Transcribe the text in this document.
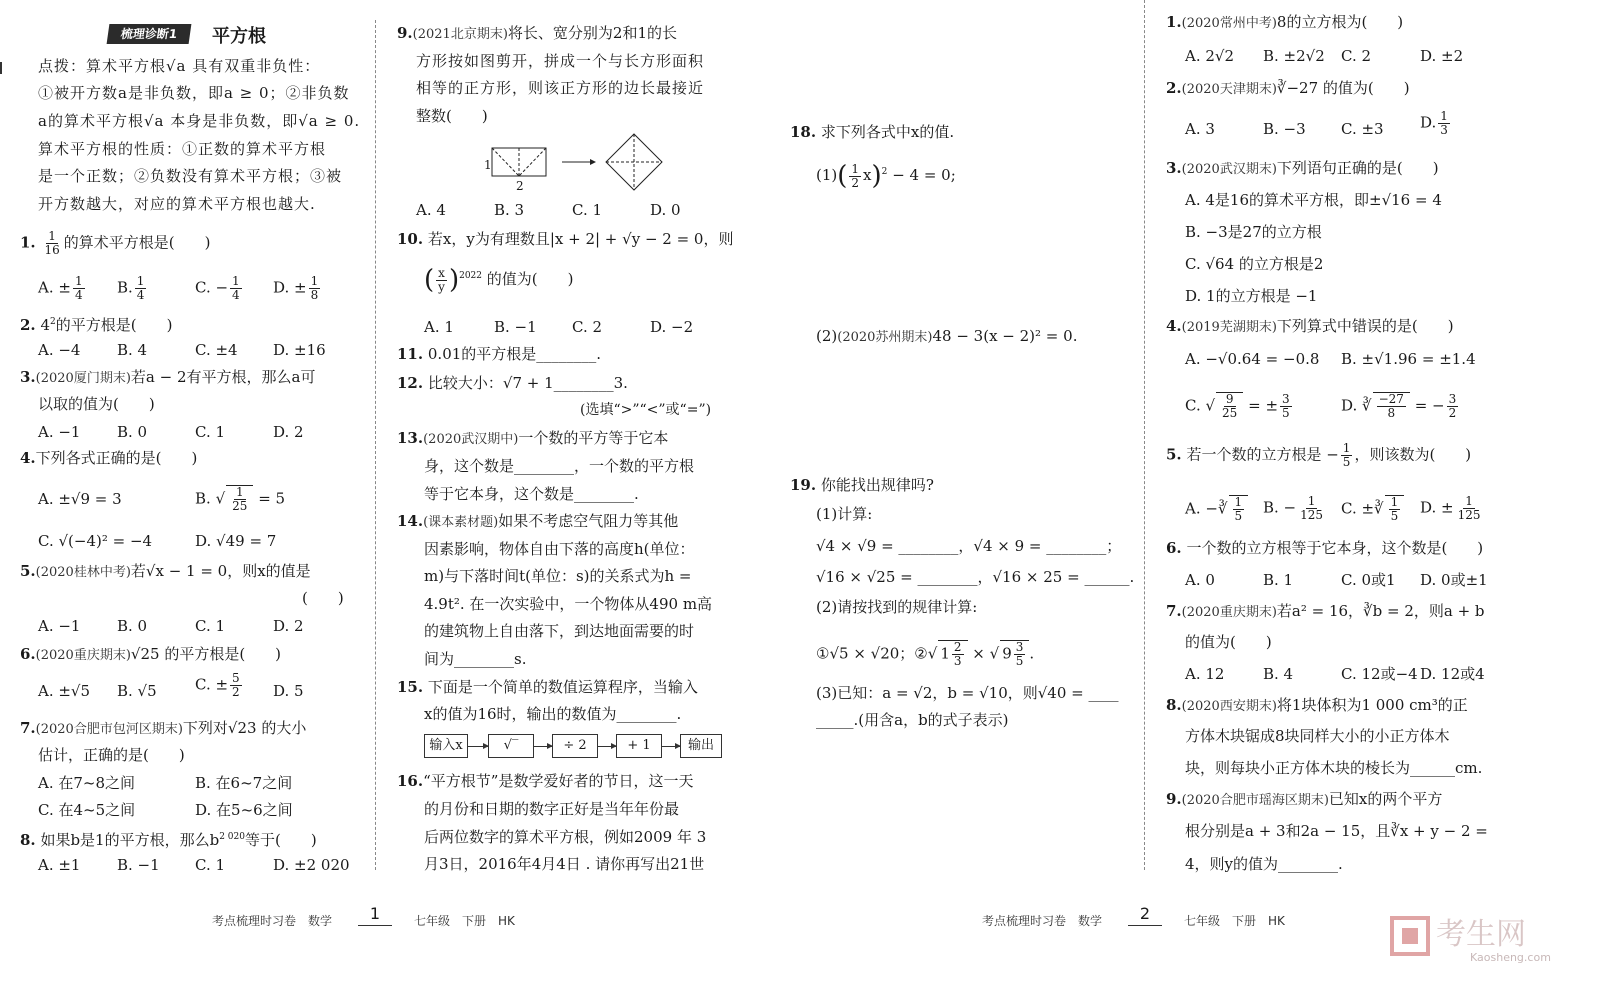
梳理诊断1	平方根
点拨：算术平方根√a 具有双重非负性：
①被开方数a是非负数，即a ≥ 0；②非负数
a的算术平方根√a 本身是非负数，即√a ≥ 0.
算术平方根的性质：①正数的算术平方根
是一个正数；②负数没有算术平方根；③被
开方数越大，对应的算术平方根也越大.
1. $\frac{1}{16}$ 的算术平方根是(　　)
A. ± $\frac{1}{4} B$. $\frac{1}{4}$	C. − $\frac{1}{4} D$. ± $\frac{1}{8}$
2. $4^2$的平方根是(　　)
A. −4 B. 4	C. ±4 D. ±16
3.(2020厦门期末)若a − 2有平方根，那么a可
以取的值为(　　)
A. −1 B. 0	C. 1	D. 2
4.下列各式正确的是(　　)
A. ±√9 = 3	B. √ $\frac{1}{25} = 5$
C. √(−4)² = −4	D. √49 = 7
5.(2020桂林中考)若√x − 1 = 0，则x的值是
(　　)
A. −1 B. 0	C. 1	D. 2
6.(2020重庆期末)√25 的平方根是(　　)
A. ±√5 B. √5	C. ± $\frac{5}{2} D$. 5
7.(2020合肥市包河区期末)下列对√23 的大小
估计，正确的是(　　)
A. 在7~8之间	B. 在6~7之间
C. 在4~5之间	D. 在5~6之间
8. 如果b是1的平方根，那么$b^{2 020}$等于(　　)
A. ±1 B. −1 C. 1	D. ±2 020
9.(2021北京期末)将长、宽分别为2和1的长
方形按如图剪开，拼成一个与长方形面积
相等的正方形，则该正方形的边长最接近
整数(　　)
1
2
A. 4	B. 3	C. 1	D. 0
10. 若x，y为有理数且|x + 2| + √y − 2 = 0，则
( $\frac{x}{y} )^{2022}$ 的值为(　　)
A. 1	B. −1 C. 2	D. −2
11. 0.01的平方根是________.
12. 比较大小：√7 + 1________3.
(选填“>”“<”或“=”)
13.(2020武汉期中)一个数的平方等于它本
身，这个数是________，一个数的平方根
等于它本身，这个数是________.
14.(课本素材题)如果不考虑空气阻力等其他
因素影响，物体自由下落的高度h(单位：
m)与下落时间t(单位：s)的关系式为h =
4.9t². 在一次实验中，一个物体从490 m高
的建筑物上自由落下，到达地面需要的时
间为________s.
15. 下面是一个简单的数值运算程序，当输入
x的值为16时，输出的数值为________.
输入x	√‾	÷ 2	+ 1	输出
16.“平方根节”是数学爱好者的节日，这一天
的月份和日期的数字正好是当年年份最
后两位数字的算术平方根，例如2009 年 3
月3日，2016年4月4日 . 请你再写出21世
18. 求下列各式中x的值.
$(1)( \frac{1}{2} x)^2 - 4 = 0$;
(2)(2020苏州期末)48 − 3(x − 2)² = 0.
19. 你能找出规律吗?
(1)计算:
√4 × √9 = ________，√4 × 9 = ________；
√16 × √25 = ________，√16 × 25 = ______.
(2)请按找到的规律计算:
①√5 × √20；②√ $1 \frac{2}{3}$ × √ $9 \frac{3}{5}$ .
(3)已知：a = √2，b = √10，则√40 = ____
_____.(用含a，b的式子表示)
1.(2020常州中考)8的立方根为(　　)
A. 2√2 B. ±2√2 C. 2	D. ±2
2.(2020天津期末)∛−27 的值为(　　)
A. 3	B. −3 C. ±3 D. $\frac{1}{3}$
3.(2020武汉期末)下列语句正确的是(　　)
A. 4是16的算术平方根，即±√16 = 4
B. −3是27的立方根
C. √64 的立方根是2
D. 1的立方根是 −1
4.(2019芜湖期末)下列算式中错误的是(　　)
A. −√0.64 = −0.8 B. ±√1.96 = ±1.4
C. √ $\frac{9}{25}$ = ± $\frac{3}{5}$	D. ∛ $\frac{-27}{8}$ = − $\frac{3}{2}$
5. 若一个数的立方根是 − $\frac{1}{5}$ ，则该数为(　　)
A. −∛ $\frac{1}{5} B$. − $\frac{1}{125} C$. ±∛ $\frac{1}{5} D$. ± $\frac{1}{125}$
6. 一个数的立方根等于它本身，这个数是(　　)
A. 0	B. 1	C. 0或1 D. 0或±1
7.(2020重庆期末)若a² = 16，∛b = 2，则a + b
的值为(　　)
A. 12	B. 4	C. 12或−4 D. 12或4
8.(2020西安期末)将1块体积为1 000 cm³的正
方体木块锯成8块同样大小的小正方体木
块，则每块小正方体木块的棱长为______cm.
9.(2020合肥市瑶海区期末)已知x的两个平方
根分别是a + 3和2a − 15，且∛x + y − 2 =
4，则y的值为________.
考点梳理时习卷　数学	1	七年级　下册　HK	考点梳理时习卷　数学	2	七年级　下册　HK	考生网
Kaosheng.com
